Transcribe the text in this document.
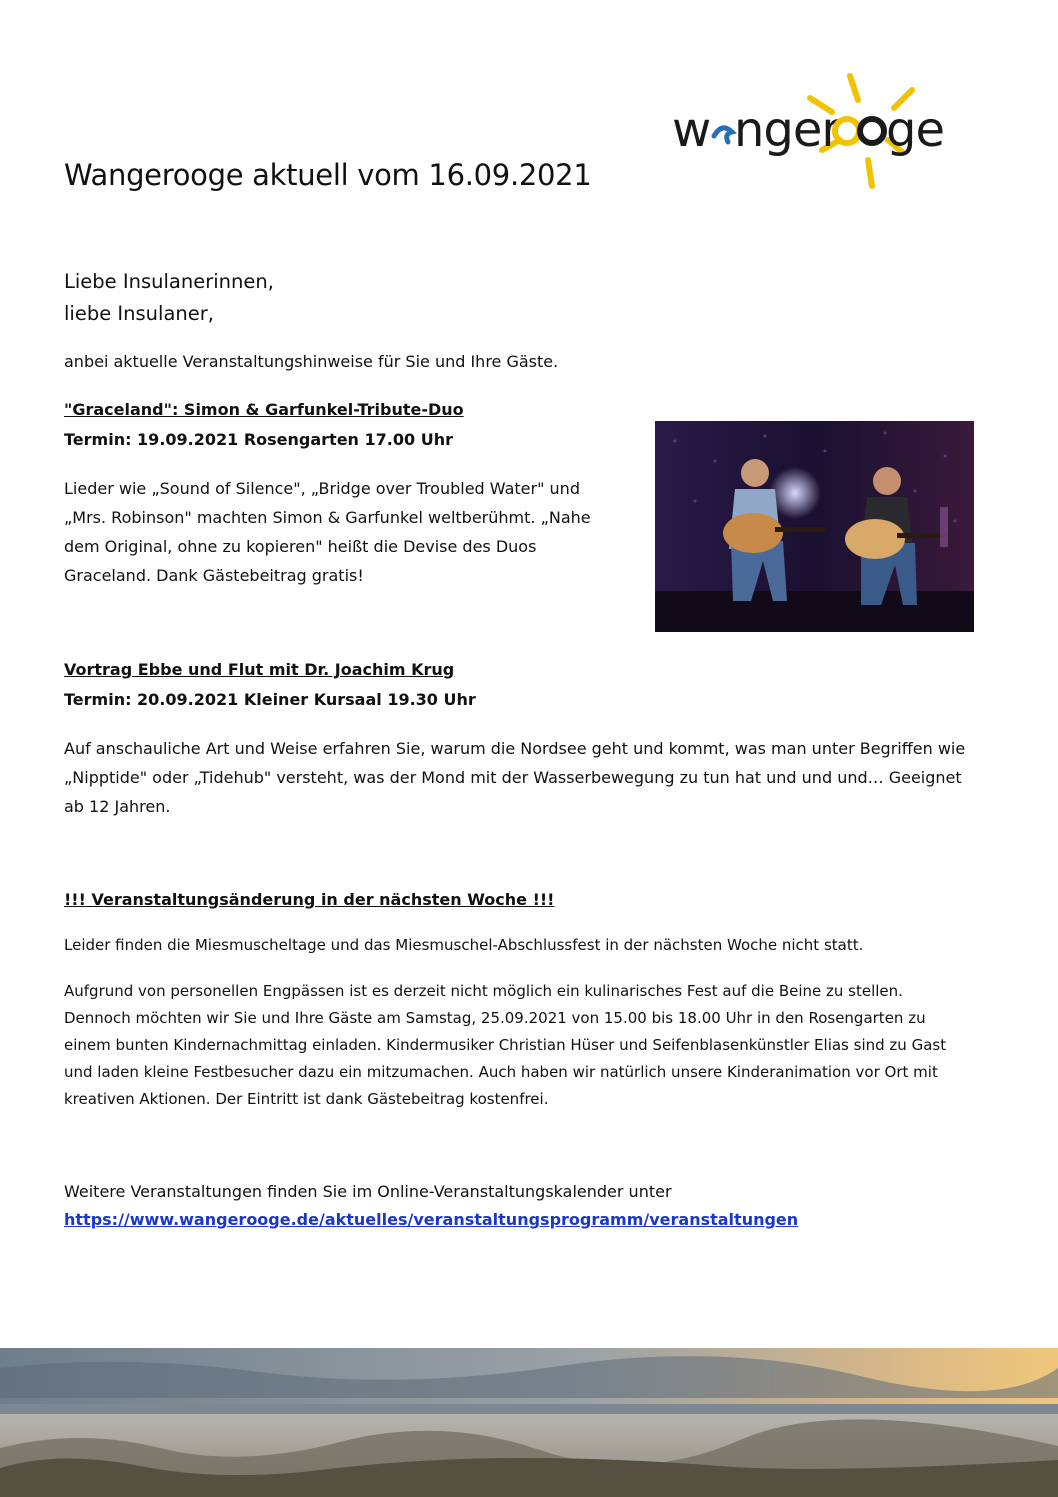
w nger ge
Wangerooge aktuell vom 16.09.2021
Liebe Insulanerinnen,
liebe Insulaner,
anbei aktuelle Veranstaltungshinweise für Sie und Ihre Gäste.
"Graceland": Simon & Garfunkel-Tribute-Duo
Termin: 19.09.2021 Rosengarten 17.00 Uhr
Lieder wie „Sound of Silence", „Bridge over Troubled Water" und
„Mrs. Robinson" machten Simon & Garfunkel weltberühmt. „Nahe
dem Original, ohne zu kopieren" heißt die Devise des Duos
Graceland. Dank Gästebeitrag gratis!
Vortrag Ebbe und Flut mit Dr. Joachim Krug
Termin: 20.09.2021 Kleiner Kursaal 19.30 Uhr
Auf anschauliche Art und Weise erfahren Sie, warum die Nordsee geht und kommt, was man unter Begriffen wie
„Nipptide" oder „Tidehub" versteht, was der Mond mit der Wasserbewegung zu tun hat und und und… Geeignet
ab 12 Jahren.
!!! Veranstaltungsänderung in der nächsten Woche !!!
Leider finden die Miesmuscheltage und das Miesmuschel-Abschlussfest in der nächsten Woche nicht statt.
Aufgrund von personellen Engpässen ist es derzeit nicht möglich ein kulinarisches Fest auf die Beine zu stellen.
Dennoch möchten wir Sie und Ihre Gäste am Samstag, 25.09.2021 von 15.00 bis 18.00 Uhr in den Rosengarten zu
einem bunten Kindernachmittag einladen. Kindermusiker Christian Hüser und Seifenblasenkünstler Elias sind zu Gast
und laden kleine Festbesucher dazu ein mitzumachen. Auch haben wir natürlich unsere Kinderanimation vor Ort mit
kreativen Aktionen. Der Eintritt ist dank Gästebeitrag kostenfrei.
Weitere Veranstaltungen finden Sie im Online-Veranstaltungskalender unter
https://www.wangerooge.de/aktuelles/veranstaltungsprogramm/veranstaltungen
